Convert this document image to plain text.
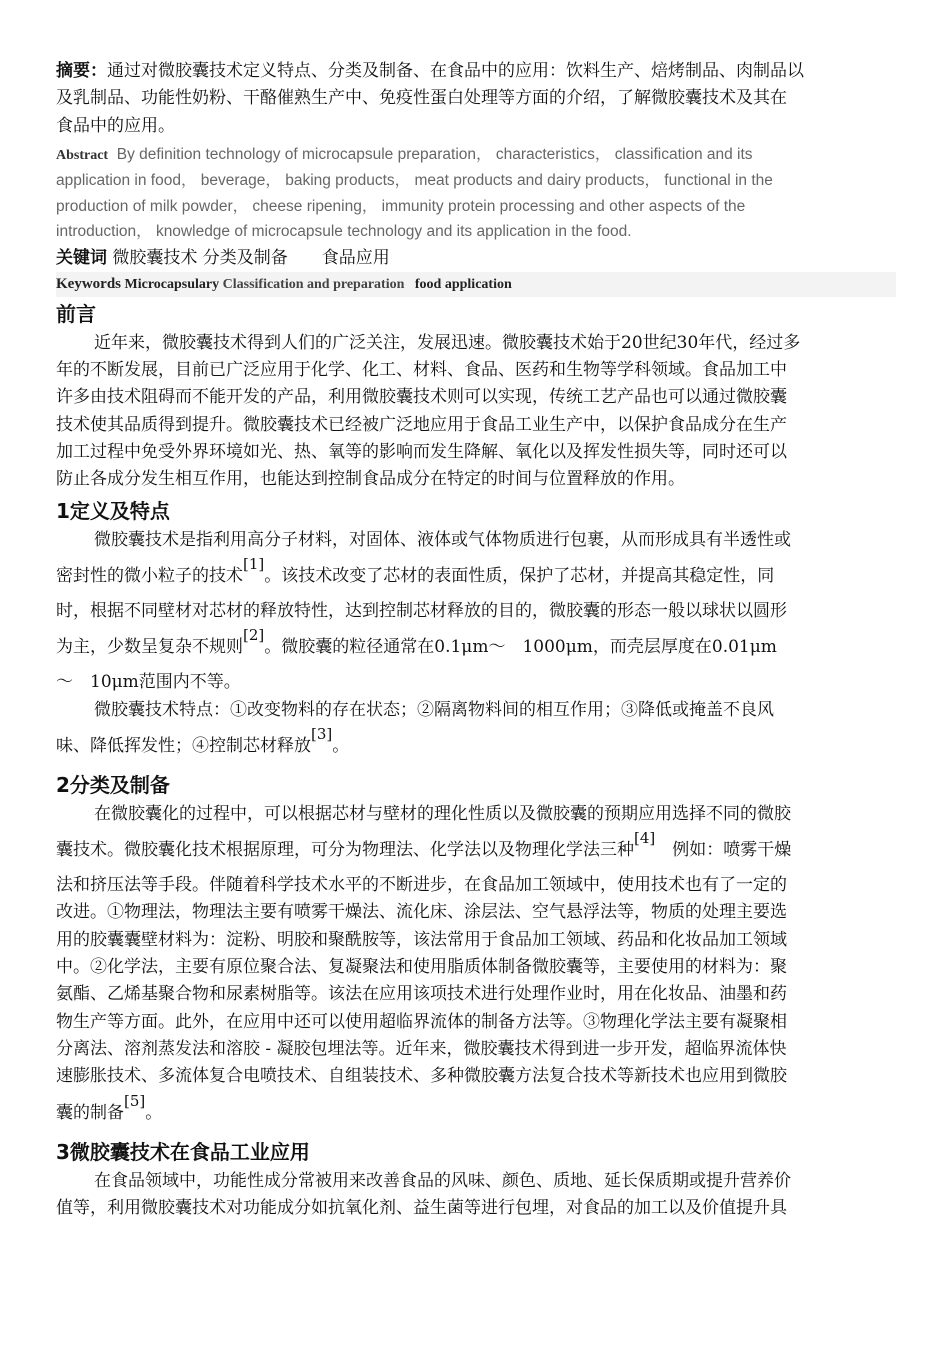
摘要：通过对微胶囊技术定义特点、分类及制备、在食品中的应用：饮料生产、焙烤制品、肉制品以

及乳制品、功能性奶粉、干酪催熟生产中、免疫性蛋白处理等方面的介绍，了解微胶囊技术及其在

食品中的应用。

Abstract By definition technology of microcapsule preparation， characteristics， classification and its

application in food， beverage， baking products， meat products and dairy products， functional in the

production of milk powder， cheese ripening， immunity protein processing and other aspects of the

introduction， knowledge of microcapsule technology and its application in the food.

关键词 微胶囊技术 分类及制备　　食品应用

Keywords Microcapsulary Classification and preparation food application

前言

近年来，微胶囊技术得到人们的广泛关注，发展迅速。微胶囊技术始于20世纪30年代，经过多

年的不断发展，目前已广泛应用于化学、化工、材料、食品、医药和生物等学科领域。食品加工中

许多由技术阻碍而不能开发的产品，利用微胶囊技术则可以实现，传统工艺产品也可以通过微胶囊

技术使其品质得到提升。微胶囊技术已经被广泛地应用于食品工业生产中，以保护食品成分在生产

加工过程中免受外界环境如光、热、氧等的影响而发生降解、氧化以及挥发性损失等，同时还可以

防止各成分发生相互作用，也能达到控制食品成分在特定的时间与位置释放的作用。

1定义及特点

微胶囊技术是指利用高分子材料，对固体、液体或气体物质进行包裹，从而形成具有半透性或

密封性的微小粒子的技术[1]。该技术改变了芯材的表面性质，保护了芯材，并提高其稳定性，同

时，根据不同壁材对芯材的释放特性，达到控制芯材释放的目的，微胶囊的形态一般以球状以圆形

为主，少数呈复杂不规则[2]。微胶囊的粒径通常在0.1μm～　1000μm，而壳层厚度在0.01μm

～　10μm范围内不等。

微胶囊技术特点：①改变物料的存在状态；②隔离物料间的相互作用；③降低或掩盖不良风

味、降低挥发性；④控制芯材释放[3]。

2分类及制备

在微胶囊化的过程中，可以根据芯材与壁材的理化性质以及微胶囊的预期应用选择不同的微胶

囊技术。微胶囊化技术根据原理，可分为物理法、化学法以及物理化学法三种[4]　例如：喷雾干燥

法和挤压法等手段。伴随着科学技术水平的不断进步，在食品加工领域中，使用技术也有了一定的

改进。①物理法，物理法主要有喷雾干燥法、流化床、涂层法、空气悬浮法等，物质的处理主要选

用的胶囊囊壁材料为：淀粉、明胶和聚酰胺等，该法常用于食品加工领域、药品和化妆品加工领域

中。②化学法，主要有原位聚合法、复凝聚法和使用脂质体制备微胶囊等，主要使用的材料为：聚

氨酯、乙烯基聚合物和尿素树脂等。该法在应用该项技术进行处理作业时，用在化妆品、油墨和药

物生产等方面。此外，在应用中还可以使用超临界流体的制备方法等。③物理化学法主要有凝聚相

分离法、溶剂蒸发法和溶胶 - 凝胶包埋法等。近年来，微胶囊技术得到进一步开发，超临界流体快

速膨胀技术、多流体复合电喷技术、自组装技术、多种微胶囊方法复合技术等新技术也应用到微胶

囊的制备[5]。

3微胶囊技术在食品工业应用

在食品领域中，功能性成分常被用来改善食品的风味、颜色、质地、延长保质期或提升营养价

值等，利用微胶囊技术对功能成分如抗氧化剂、益生菌等进行包埋，对食品的加工以及价值提升具
